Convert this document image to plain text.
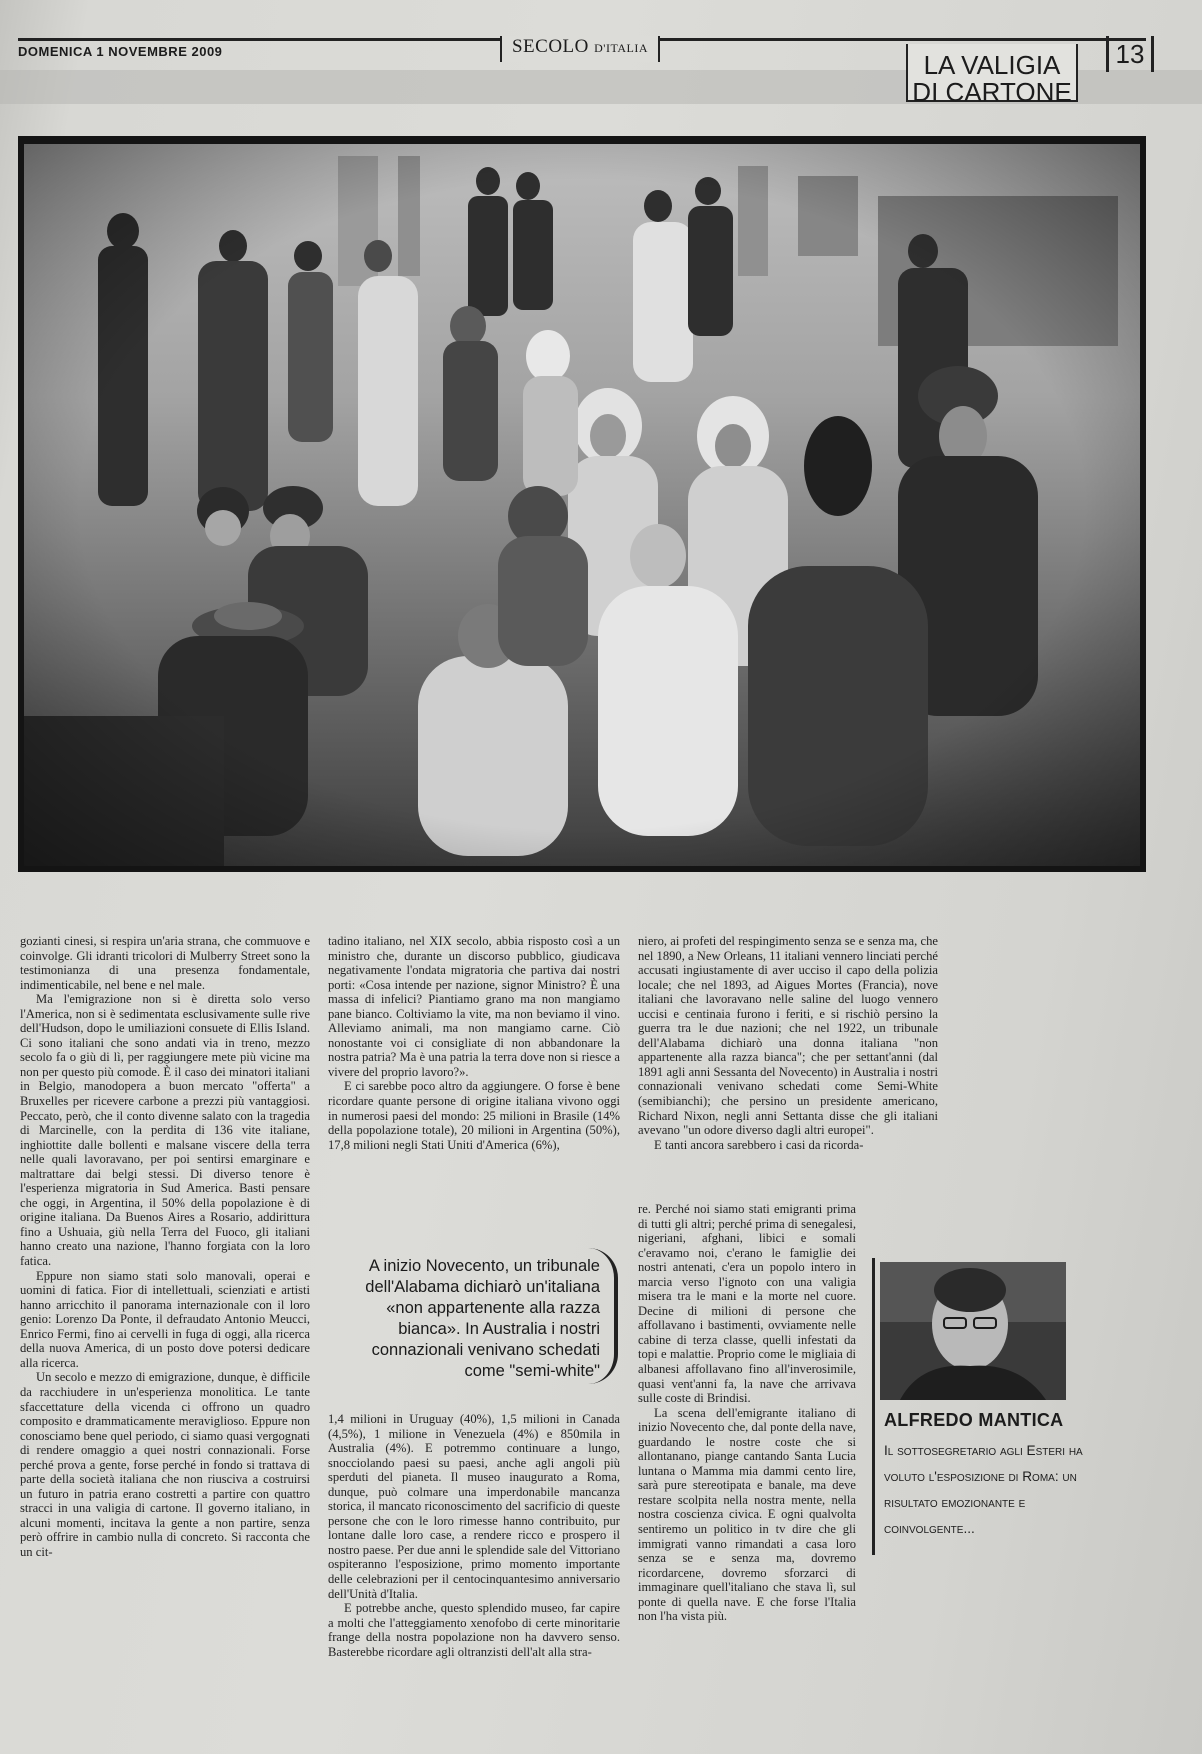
DOMENICA 1 NOVEMBRE 2009	SECOLO D'ITALIA
LA VALIGIA
DI CARTONE
13

gozianti cinesi, si respira un'aria strana, che commuove e coinvolge. Gli idranti tricolori di Mulberry Street sono la testimonianza di una presenza fondamentale, indimenticabile, nel bene e nel male.

Ma l'emigrazione non si è diretta solo verso l'America, non si è sedimentata esclusivamente sulle rive dell'Hudson, dopo le umiliazioni consuete di Ellis Island. Ci sono italiani che sono andati via in treno, mezzo secolo fa o giù di lì, per raggiungere mete più vicine ma non per questo più comode. È il caso dei minatori italiani in Belgio, manodopera a buon mercato "offerta" a Bruxelles per ricevere carbone a prezzi più vantaggiosi. Peccato, però, che il conto divenne salato con la tragedia di Marcinelle, con la perdita di 136 vite italiane, inghiottite dalle bollenti e malsane viscere della terra nelle quali lavoravano, per poi sentirsi emarginare e maltrattare dai belgi stessi. Di diverso tenore è l'esperienza migratoria in Sud America. Basti pensare che oggi, in Argentina, il 50% della popolazione è di origine italiana. Da Buenos Aires a Rosario, addirittura fino a Ushuaia, giù nella Terra del Fuoco, gli italiani hanno creato una nazione, l'hanno forgiata con la loro fatica.

Eppure non siamo stati solo manovali, operai e uomini di fatica. Fior di intellettuali, scienziati e artisti hanno arricchito il panorama internazionale con il loro genio: Lorenzo Da Ponte, il defraudato Antonio Meucci, Enrico Fermi, fino ai cervelli in fuga di oggi, alla ricerca della nuova America, di un posto dove potersi dedicare alla ricerca.

Un secolo e mezzo di emigrazione, dunque, è difficile da racchiudere in un'esperienza monolitica. Le tante sfaccettature della vicenda ci offrono un quadro composito e drammaticamente meraviglioso. Eppure non conosciamo bene quel periodo, ci siamo quasi vergognati di rendere omaggio a quei nostri connazionali. Forse perché prova a gente, forse perché in fondo si trattava di parte della società italiana che non riusciva a costruirsi un futuro in patria erano costretti a partire con quattro stracci in una valigia di cartone. Il governo italiano, in alcuni momenti, incitava la gente a non partire, senza però offrire in cambio nulla di concreto. Si racconta che un cit-

tadino italiano, nel XIX secolo, abbia risposto così a un ministro che, durante un discorso pubblico, giudicava negativamente l'ondata migratoria che partiva dai nostri porti: «Cosa intende per nazione, signor Ministro? È una massa di infelici? Piantiamo grano ma non mangiamo pane bianco. Coltiviamo la vite, ma non beviamo il vino. Alleviamo animali, ma non mangiamo carne. Ciò nonostante voi ci consigliate di non abbandonare la nostra patria? Ma è una patria la terra dove non si riesce a vivere del proprio lavoro?».

E ci sarebbe poco altro da aggiungere. O forse è bene ricordare quante persone di origine italiana vivono oggi in numerosi paesi del mondo: 25 milioni in Brasile (14% della popolazione totale), 20 milioni in Argentina (50%), 17,8 milioni negli Stati Uniti d'America (6%),

A inizio Novecento, un tribunale dell'Alabama dichiarò un'italiana «non appartenente alla razza bianca». In Australia i nostri connazionali venivano schedati come "semi-white"

1,4 milioni in Uruguay (40%), 1,5 milioni in Canada (4,5%), 1 milione in Venezuela (4%) e 850mila in Australia (4%). E potremmo continuare a lungo, snocciolando paesi su paesi, anche agli angoli più sperduti del pianeta. Il museo inaugurato a Roma, dunque, può colmare una imperdonabile mancanza storica, il mancato riconoscimento del sacrificio di queste persone che con le loro rimesse hanno contribuito, pur lontane dalle loro case, a rendere ricco e prospero il nostro paese. Per due anni le splendide sale del Vittoriano ospiteranno l'esposizione, primo momento importante delle celebrazioni per il centocinquantesimo anniversario dell'Unità d'Italia.

E potrebbe anche, questo splendido museo, far capire a molti che l'atteggiamento xenofobo di certe minoritarie frange della nostra popolazione non ha davvero senso. Basterebbe ricordare agli oltranzisti dell'alt alla stra-

niero, ai profeti del respingimento senza se e senza ma, che nel 1890, a New Orleans, 11 italiani vennero linciati perché accusati ingiustamente di aver ucciso il capo della polizia locale; che nel 1893, ad Aigues Mortes (Francia), nove italiani che lavoravano nelle saline del luogo vennero uccisi e centinaia furono i feriti, e si rischiò persino la guerra tra le due nazioni; che nel 1922, un tribunale dell'Alabama dichiarò una donna italiana "non appartenente alla razza bianca"; che per settant'anni (dal 1891 agli anni Sessanta del Novecento) in Australia i nostri connazionali venivano schedati come Semi-White (semibianchi); che persino un presidente americano, Richard Nixon, negli anni Settanta disse che gli italiani avevano "un odore diverso dagli altri europei".

E tanti ancora sarebbero i casi da ricorda-

re. Perché noi siamo stati emigranti prima di tutti gli altri; perché prima di senegalesi, nigeriani, afghani, libici e somali c'eravamo noi, c'erano le famiglie dei nostri antenati, c'era un popolo intero in marcia verso l'ignoto con una valigia misera tra le mani e la morte nel cuore. Decine di milioni di persone che affollavano i bastimenti, ovviamente nelle cabine di terza classe, quelli infestati da topi e malattie. Proprio come le migliaia di albanesi affollavano fino all'inverosimile, quasi vent'anni fa, la nave che arrivava sulle coste di Brindisi.

La scena dell'emigrante italiano di inizio Novecento che, dal ponte della nave, guardando le nostre coste che si allontanano, piange cantando Santa Lucia luntana o Mamma mia dammi cento lire, sarà pure stereotipata e banale, ma deve restare scolpita nella nostra mente, nella nostra coscienza civica. E ogni qualvolta sentiremo un politico in tv dire che gli immigrati vanno rimandati a casa loro senza se e senza ma, dovremo ricordarcene, dovremo sforzarci di immaginare quell'italiano che stava lì, sul ponte di quella nave. E che forse l'Italia non l'ha vista più.

ALFREDO MANTICA
Il sottosegretario agli Esteri ha voluto l'esposizione di Roma: un risultato emozionante e coinvolgente...
